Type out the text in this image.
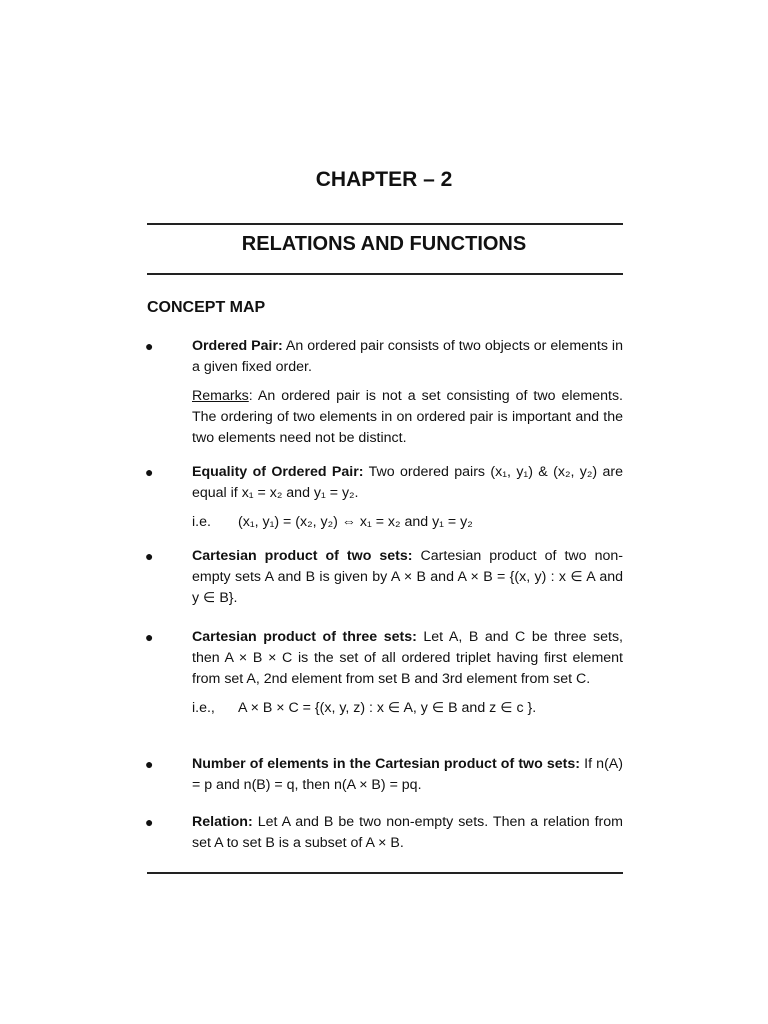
CHAPTER – 2
RELATIONS AND FUNCTIONS
CONCEPT MAP
●	Ordered Pair: An ordered pair consists of two objects or elements in a given fixed order.

Remarks: An ordered pair is not a set consisting of two elements. The ordering of two elements in on ordered pair is important and the two elements need not be distinct.

●	Equality of Ordered Pair: Two ordered pairs (x₁, y₁) & (x₂, y₂) are equal if x₁ = x₂ and y₁ = y₂.

i.e. (x₁, y₁) = (x₂, y₂) ⇔ x₁ = x₂ and y₁ = y₂

●	Cartesian product of two sets: Cartesian product of two non-empty sets A and B is given by A × B and A × B = {(x, y) : x ∈ A and y ∈ B}.

●	Cartesian product of three sets: Let A, B and C be three sets, then A × B × C is the set of all ordered triplet having first element from set A, 2nd element from set B and 3rd element from set C.

i.e., A × B × C = {(x, y, z) : x ∈ A, y ∈ B and z ∈ c }.

●	Number of elements in the Cartesian product of two sets: If n(A) = p and n(B) = q, then n(A × B) = pq.

●	Relation: Let A and B be two non-empty sets. Then a relation from set A to set B is a subset of A × B.
